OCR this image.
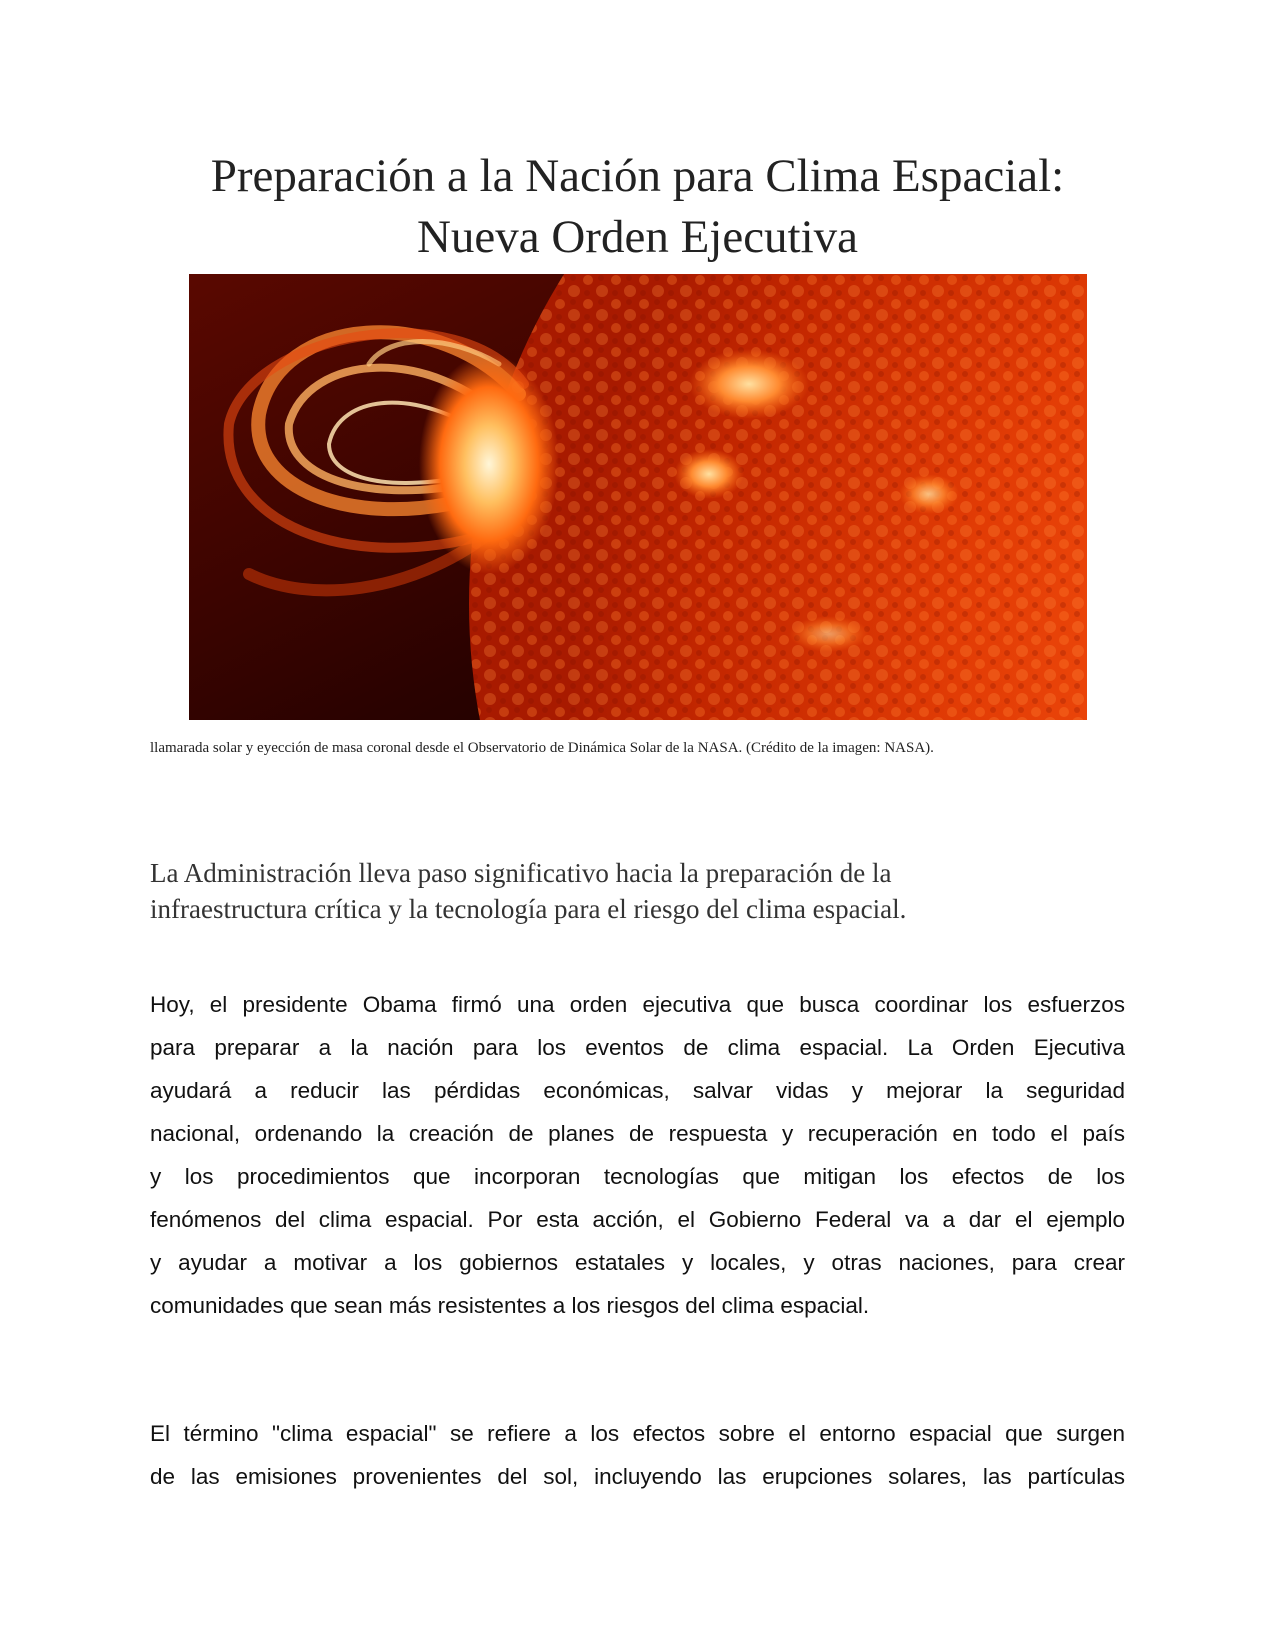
Preparación a la Nación para Clima Espacial:
Nueva Orden Ejecutiva
llamarada solar y eyección de masa coronal desde el Observatorio de Dinámica Solar de la NASA. (Crédito de la imagen: NASA).
La Administración lleva paso significativo hacia la preparación de la
infraestructura crítica y la tecnología para el riesgo del clima espacial.
Hoy, el presidente Obama firmó una orden ejecutiva que busca coordinar los esfuerzos
para preparar a la nación para los eventos de clima espacial. La Orden Ejecutiva
ayudará a reducir las pérdidas económicas, salvar vidas y mejorar la seguridad
nacional, ordenando la creación de planes de respuesta y recuperación en todo el país
y los procedimientos que incorporan tecnologías que mitigan los efectos de los
fenómenos del clima espacial. Por esta acción, el Gobierno Federal va a dar el ejemplo
y ayudar a motivar a los gobiernos estatales y locales, y otras naciones, para crear
comunidades que sean más resistentes a los riesgos del clima espacial.
El término "clima espacial" se refiere a los efectos sobre el entorno espacial que surgen
de las emisiones provenientes del sol, incluyendo las erupciones solares, las partículas
